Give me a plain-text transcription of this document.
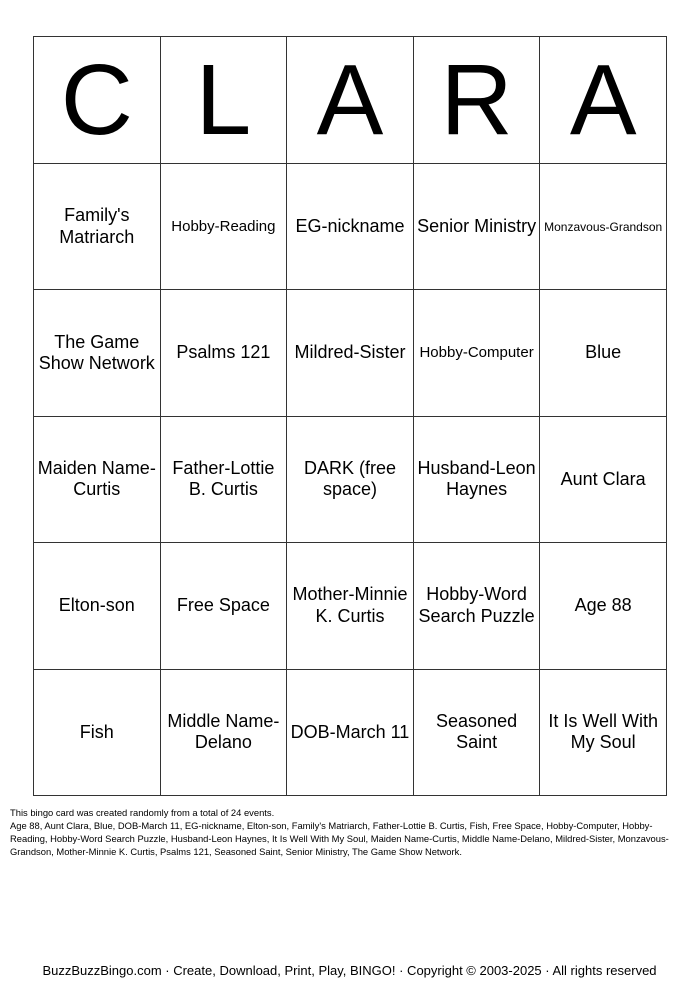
C	L	A	R	A
Family's Matriarch	Hobby-Reading	EG-nickname	Senior Ministry	Monzavous-Grandson
The Game Show Network	Psalms 121	Mildred-Sister	Hobby-Computer	Blue
Maiden Name-Curtis	Father-Lottie B. Curtis	DARK (free space)	Husband-Leon Haynes	Aunt Clara
Elton-son	Free Space	Mother-Minnie K. Curtis	Hobby-Word Search Puzzle	Age 88
Fish	Middle Name-Delano	DOB-March 11	Seasoned Saint	It Is Well With My Soul

This bingo card was created randomly from a total of 24 events.

Age 88, Aunt Clara, Blue, DOB-March 11, EG-nickname, Elton-son, Family's Matriarch, Father-Lottie B. Curtis, Fish, Free Space, Hobby-Computer, Hobby-Reading, Hobby-Word Search Puzzle, Husband-Leon Haynes, It Is Well With My Soul, Maiden Name-Curtis, Middle Name-Delano, Mildred-Sister, Monzavous-Grandson, Mother-Minnie K. Curtis, Psalms 121, Seasoned Saint, Senior Ministry, The Game Show Network.

BuzzBuzzBingo.com · Create, Download, Print, Play, BINGO! · Copyright © 2003-2025 · All rights reserved
